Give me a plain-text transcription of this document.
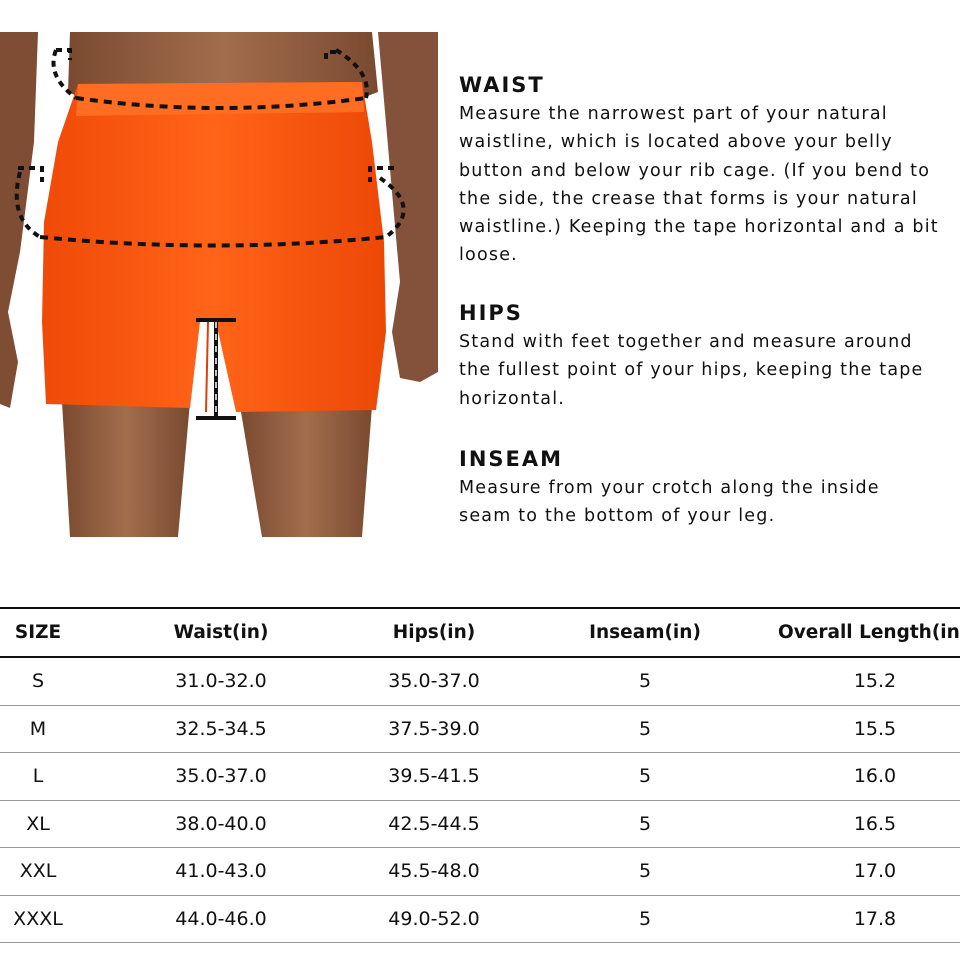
WAIST

Measure the narrowest part of your natural waistline, which is located above your belly button and below your rib cage. (If you bend to the side, the crease that forms is your natural waistline.) Keeping the tape horizontal and a bit loose.

HIPS

Stand with feet together and measure around the fullest point of your hips, keeping the tape horizontal.

INSEAM

Measure from your crotch along the inside seam to the bottom of your leg.

SIZE	Waist(in)	Hips(in)	Inseam(in)	Overall Length(in
S	31.0-32.0	35.0-37.0	5	15.2
M	32.5-34.5	37.5-39.0	5	15.5
L	35.0-37.0	39.5-41.5	5	16.0
XL	38.0-40.0	42.5-44.5	5	16.5
XXL	41.0-43.0	45.5-48.0	5	17.0
XXXL	44.0-46.0	49.0-52.0	5	17.8
